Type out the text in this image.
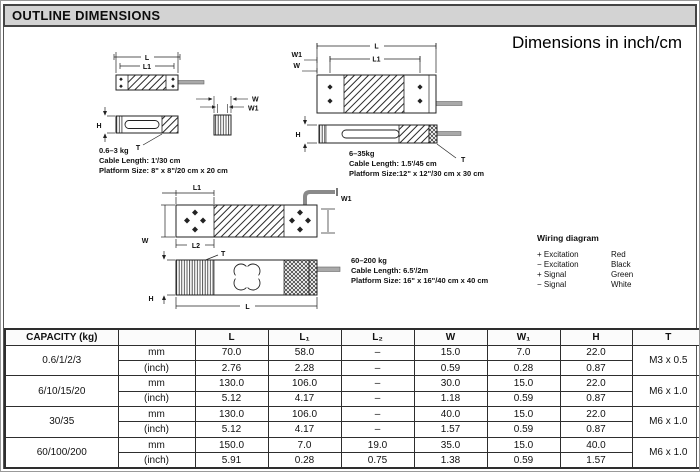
OUTLINE DIMENSIONS
L
L1
H
T
W
W1
L
L1
W1
W
H
T
L1
W1
W
L2
T
H
L
Dimensions in inch/cm
0.6–3 kg
Cable Length: 1'/30 cm
Platform Size: 8" x 8"/20 cm x 20 cm
6–35kg
Cable Length: 1.5'/45 cm
Platform Size:12" x 12"/30 cm x 30 cm
60–200 kg
Cable Length: 6.5'/2m
Platform Size: 16" x 16"/40 cm x 40 cm
Wiring diagram
+ Excitation	Red
− Excitation	Black
+ Signal	Green
− Signal	White
CAPACITY (kg)		L	L₁	L₂	W	W₁	H	T
0.6/1/2/3	mm	70.0	58.0	–	15.0	7.0	22.0	M3 x 0.5
	(inch)	2.76	2.28	–	0.59	0.28	0.87	
6/10/15/20	mm	130.0	106.0	–	30.0	15.0	22.0	M6 x 1.0
	(inch)	5.12	4.17	–	1.18	0.59	0.87	
30/35	mm	130.0	106.0	–	40.0	15.0	22.0	M6 x 1.0
	(inch)	5.12	4.17	–	1.57	0.59	0.87	
60/100/200	mm	150.0	7.0	19.0	35.0	15.0	40.0	M6 x 1.0
	(inch)	5.91	0.28	0.75	1.38	0.59	1.57	
